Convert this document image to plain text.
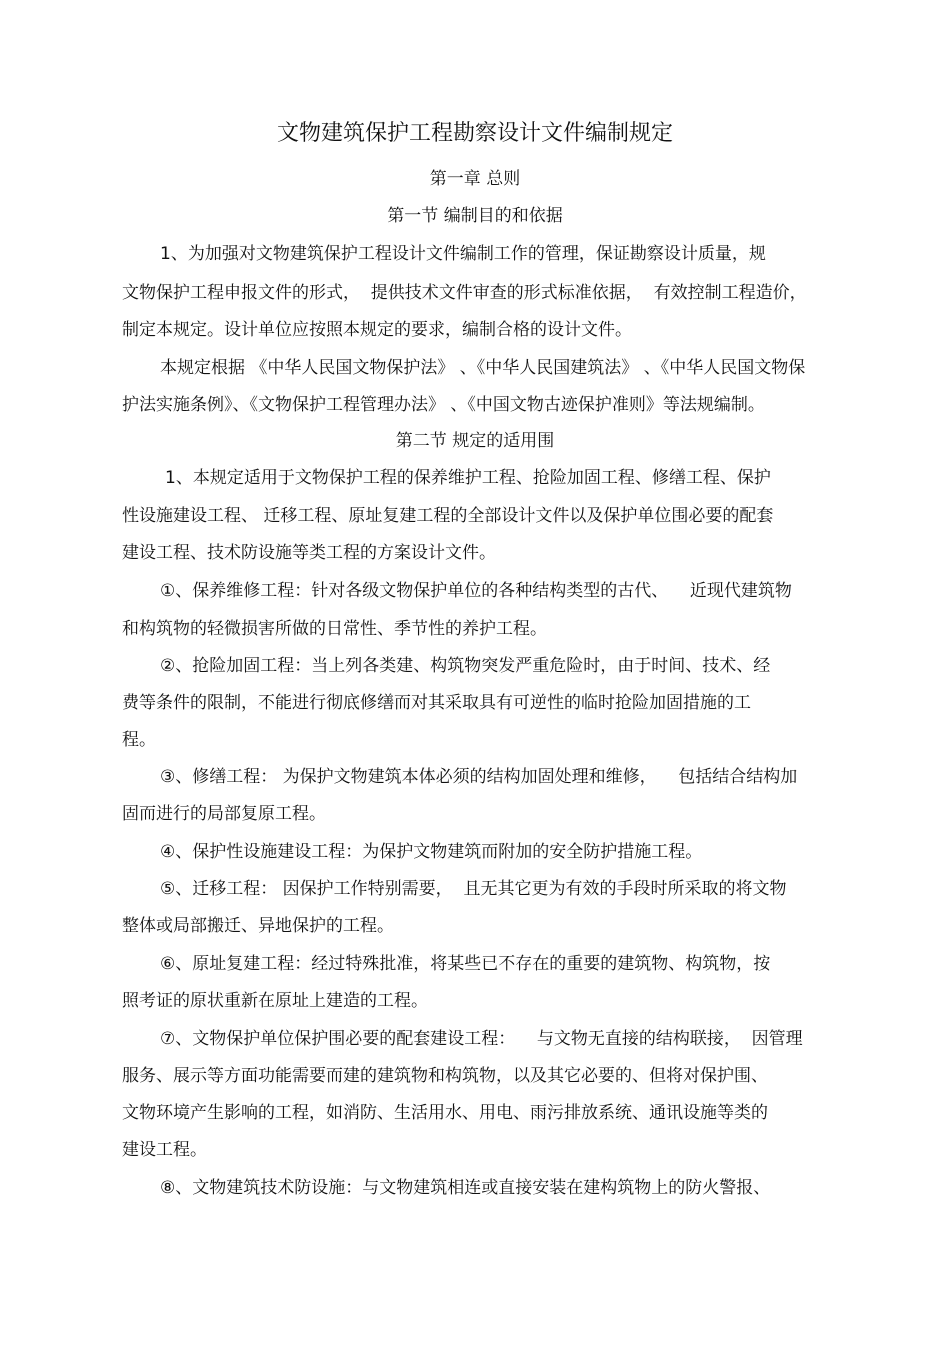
文物建筑保护工程勘察设计文件编制规定
第一章 总则
第一节 编制目的和依据
1、为加强对文物建筑保护工程设计文件编制工作的管理，保证勘察设计质量，规
文物保护工程申报文件的形式，  提供技术文件审查的形式标准依据，  有效控制工程造价，
制定本规定。设计单位应按照本规定的要求，编制合格的设计文件。
本规定根据 《中华人民国文物保护法》 、《中华人民国建筑法》 、《中华人民国文物保
护法实施条例》、《文物保护工程管理办法》 、《中国文物古迹保护准则》等法规编制。
第二节 规定的适用围
1、本规定适用于文物保护工程的保养维护工程、抢险加固工程、修缮工程、保护
性设施建设工程、 迁移工程、原址复建工程的全部设计文件以及保护单位围必要的配套
建设工程、技术防设施等类工程的方案设计文件。
①、保养维修工程：针对各级文物保护单位的各种结构类型的古代、    近现代建筑物
和构筑物的轻微损害所做的日常性、季节性的养护工程。
②、抢险加固工程：当上列各类建、构筑物突发严重危险时，由于时间、技术、经
费等条件的限制，不能进行彻底修缮而对其采取具有可逆性的临时抢险加固措施的工
程。
③、修缮工程： 为保护文物建筑本体必须的结构加固处理和维修，    包括结合结构加
固而进行的局部复原工程。
④、保护性设施建设工程：为保护文物建筑而附加的安全防护措施工程。
⑤、迁移工程： 因保护工作特别需要，  且无其它更为有效的手段时所采取的将文物
整体或局部搬迁、异地保护的工程。
⑥、原址复建工程：经过特殊批准，将某些已不存在的重要的建筑物、构筑物，按
照考证的原状重新在原址上建造的工程。
⑦、文物保护单位保护围必要的配套建设工程：    与文物无直接的结构联接，  因管理
服务、展示等方面功能需要而建的建筑物和构筑物，以及其它必要的、但将对保护围、
文物环境产生影响的工程，如消防、生活用水、用电、雨污排放系统、通讯设施等类的
建设工程。
⑧、文物建筑技术防设施：与文物建筑相连或直接安装在建构筑物上的防火警报、
